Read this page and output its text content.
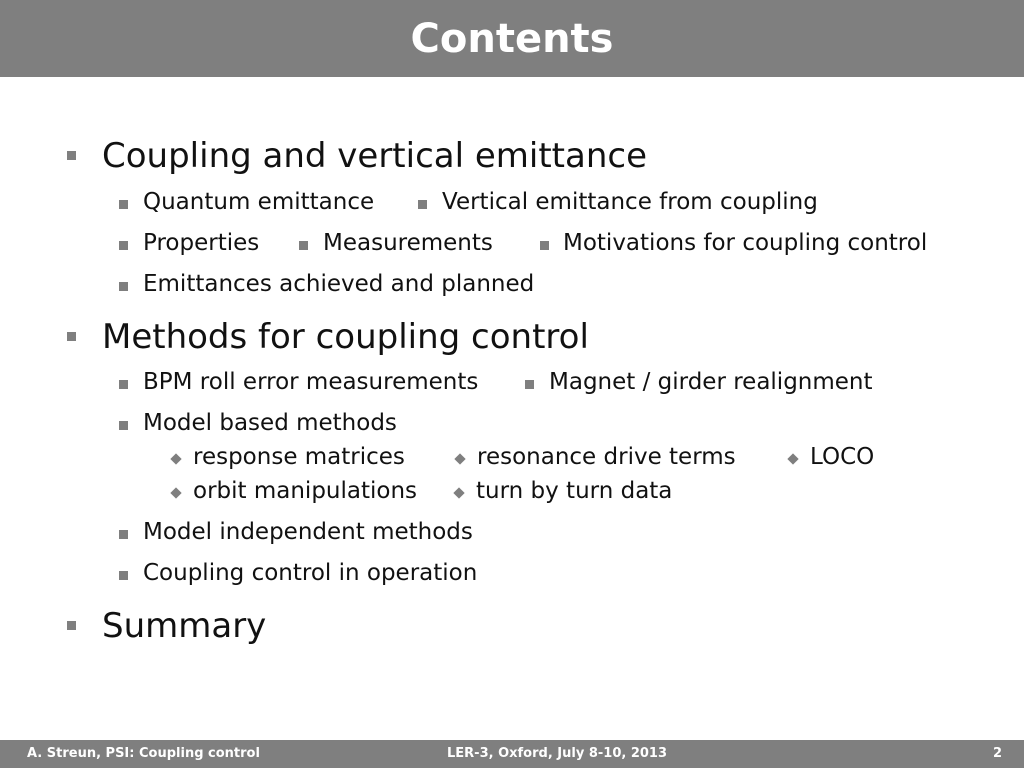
Contents
Coupling and vertical emittance
Quantum emittance	Vertical emittance from coupling
Properties	Measurements	Motivations for coupling control
Emittances achieved and planned
Methods for coupling control
BPM roll error measurements	Magnet / girder realignment
Model based methods
response matrices	resonance drive terms	LOCO
orbit manipulations	turn by turn data
Model independent methods
Coupling control in operation
Summary
A. Streun, PSI: Coupling control	LER-3, Oxford, July 8-10, 2013	2
